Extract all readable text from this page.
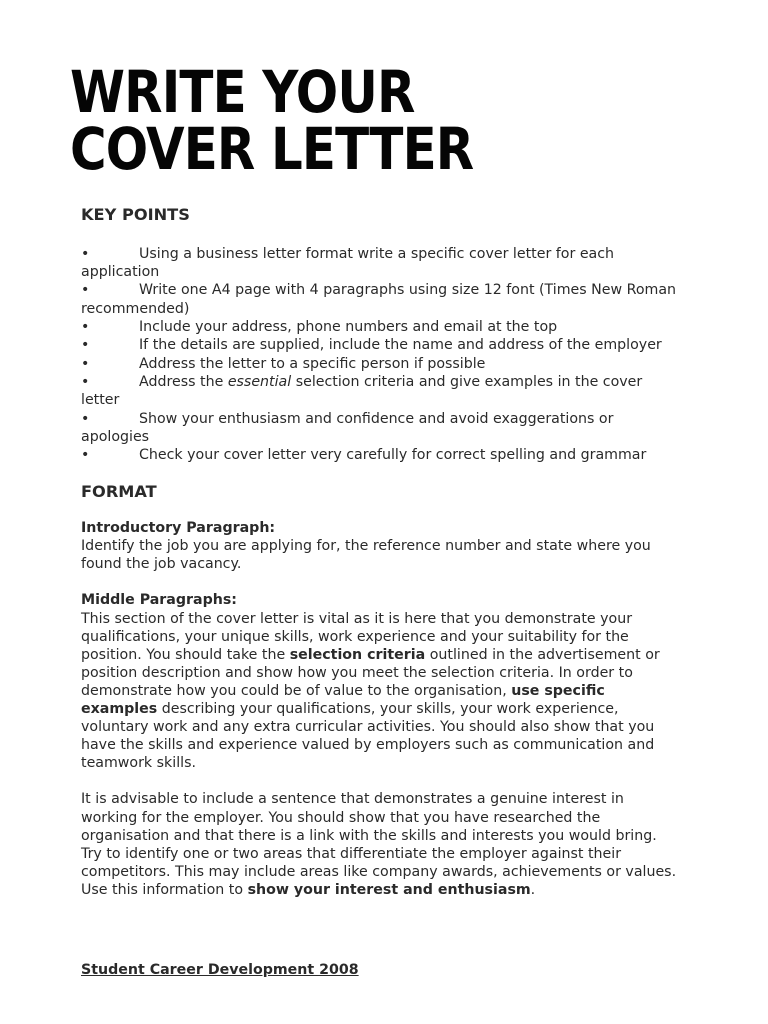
WRITE YOUR
COVER LETTER
KEY POINTS
•	Using a business letter format write a specific cover letter for each application
•	Write one A4 page with 4 paragraphs using size 12 font (Times New Roman recommended)
•	Include your address, phone numbers and email at the top
•	If the details are supplied, include the name and address of the employer
•	Address the letter to a specific person if possible
•	Address the essential selection criteria and give examples in the cover letter
•	Show your enthusiasm and confidence and avoid exaggerations or apologies
•	Check your cover letter very carefully for correct spelling and grammar
FORMAT
Introductory Paragraph:

Identify the job you are applying for, the reference number and state where you found the job vacancy.

Middle Paragraphs:

This section of the cover letter is vital as it is here that you demonstrate your qualifications, your unique skills, work experience and your suitability for the position. You should take the selection criteria outlined in the advertisement or position description and show how you meet the selection criteria. In order to demonstrate how you could be of value to the organisation, use specific examples describing your qualifications, your skills, your work experience, voluntary work and any extra curricular activities. You should also show that you have the skills and experience valued by employers such as communication and teamwork skills.

It is advisable to include a sentence that demonstrates a genuine interest in working for the employer. You should show that you have researched the organisation and that there is a link with the skills and interests you would bring. Try to identify one or two areas that differentiate the employer against their competitors. This may include areas like company awards, achievements or values. Use this information to show your interest and enthusiasm.

Student Career Development 2008
